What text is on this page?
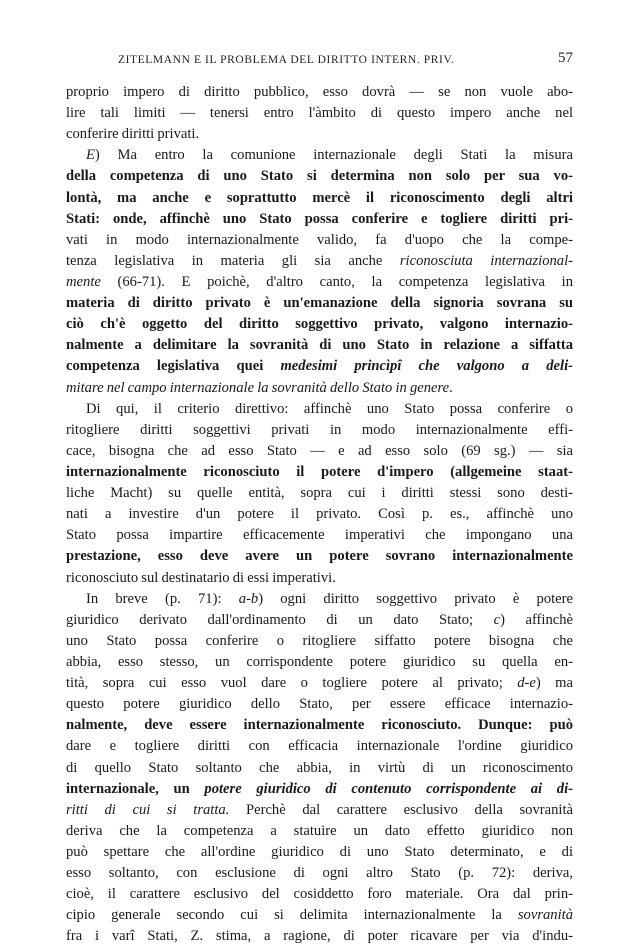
ZITELMANN E IL PROBLEMA DEL DIRITTO INTERN. PRIV.	57
proprio impero di diritto pubblico, esso dovrà — se non vuole abo-
lire tali limiti — tenersi entro l'àmbito di questo impero anche nel
conferire diritti privati.
E) Ma entro la comunione internazionale degli Stati la misura
della competenza di uno Stato si determina non solo per sua vo-
lontà, ma anche e soprattutto mercè il riconoscimento degli altri
Stati: onde, affinchè uno Stato possa conferire e togliere diritti pri-
vati in modo internazionalmente valido, fa d'uopo che la compe-
tenza legislativa in materia gli sia anche riconosciuta internazional-
mente (66-71). E poichè, d'altro canto, la competenza legislativa in
materia di diritto privato è un'emanazione della signoria sovrana su
ciò ch'è oggetto del diritto soggettivo privato, valgono internazio-
nalmente a delimitare la sovranità di uno Stato in relazione a siffatta
competenza legislativa quei medesimi princìpî che valgono a deli-
mitare nel campo internazionale la sovranità dello Stato in genere.
Di qui, il criterio direttivo: affinchè uno Stato possa conferire o
ritogliere diritti soggettivi privati in modo internazionalmente effi-
cace, bisogna che ad esso Stato — e ad esso solo (69 sg.) — sia
internazionalmente riconosciuto il potere d'impero (allgemeine staat-
liche Macht) su quelle entità, sopra cui i diritti stessi sono desti-
nati a investire d'un potere il privato. Così p. es., affinchè uno
Stato possa impartire efficacemente imperativi che impongano una
prestazione, esso deve avere un potere sovrano internazionalmente
riconosciuto sul destinatario di essi imperativi.
In breve (p. 71): a-b) ogni diritto soggettivo privato è potere
giuridico derivato dall'ordinamento di un dato Stato; c) affinchè
uno Stato possa conferire o ritogliere siffatto potere bisogna che
abbia, esso stesso, un corrispondente potere giuridico su quella en-
tità, sopra cui esso vuol dare o togliere potere al privato; d-e) ma
questo potere giuridico dello Stato, per essere efficace internazio-
nalmente, deve essere internazionalmente riconosciuto. Dunque: può
dare e togliere diritti con efficacia internazionale l'ordine giuridico
di quello Stato soltanto che abbia, in virtù di un riconoscimento
internazionale, un potere giuridico di contenuto corrispondente ai di-
ritti di cui si tratta. Perchè dal carattere esclusivo della sovranità
deriva che la competenza a statuire un dato effetto giuridico non
può spettare che all'ordine giuridico di uno Stato determinato, e di
esso soltanto, con esclusione di ogni altro Stato (p. 72): deriva,
cioè, il carattere esclusivo del cosiddetto foro materiale. Ora dal prin-
cipio generale secondo cui si delimita internazionalmente la sovranità
fra i varî Stati, Z. stima, a ragione, di poter ricavare per via d'indu-
